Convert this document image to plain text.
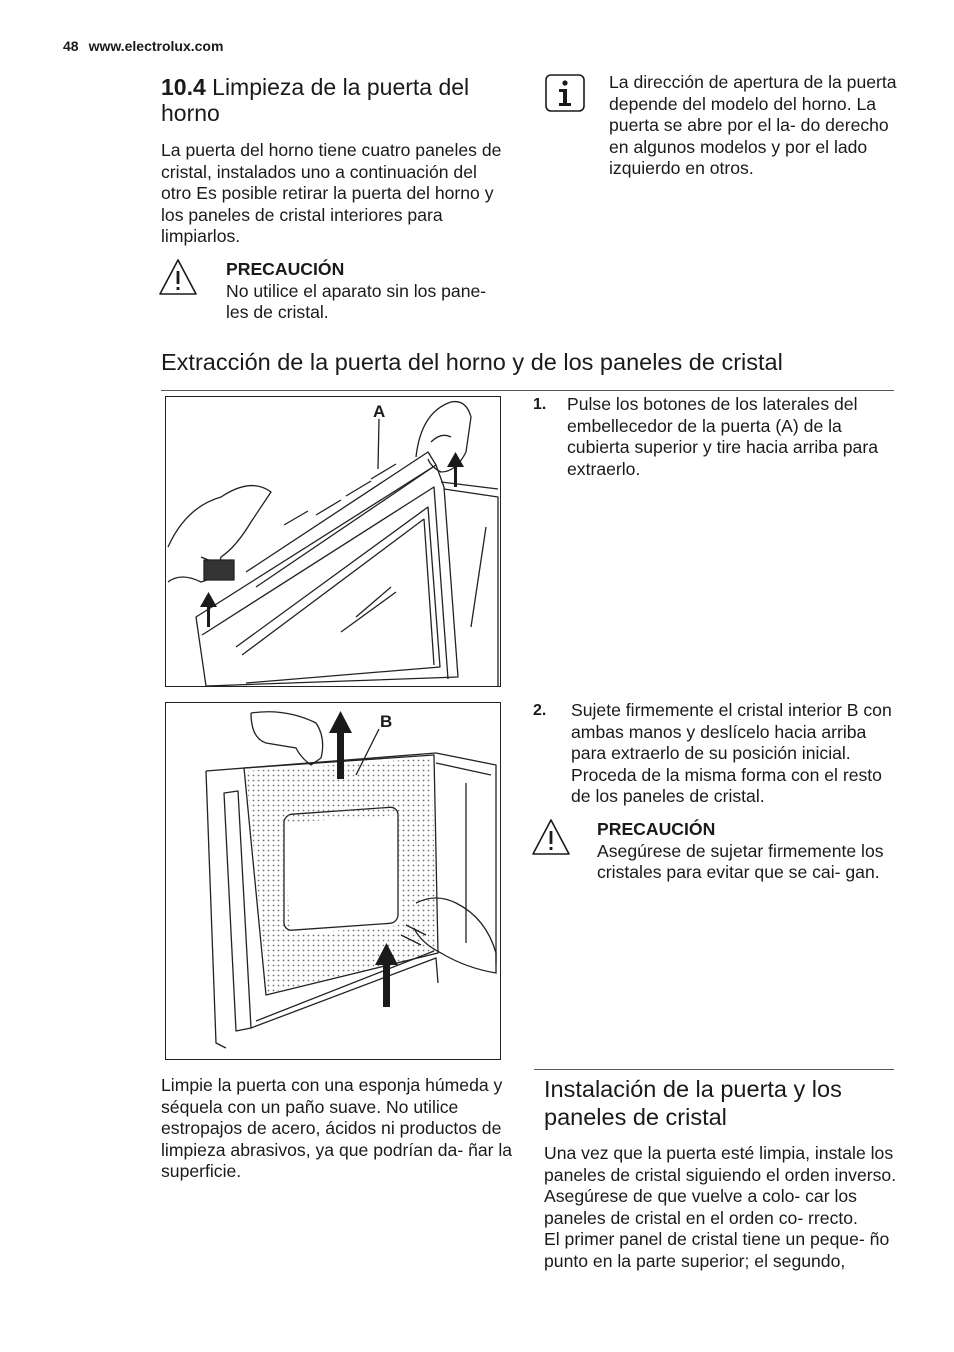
48 www.electrolux.com
10.4 Limpieza de la puerta del horno
La puerta del horno tiene cuatro paneles de cristal, instalados uno a continuación del otro Es posible retirar la puerta del horno y los paneles de cristal interiores para limpiarlos.
PRECAUCIÓN
No utilice el aparato sin los pane- les de cristal.
La dirección de apertura de la puerta depende del modelo del horno. La puerta se abre por el la- do derecho en algunos modelos y por el lado izquierdo en otros.
Extracción de la puerta del horno y de los paneles de cristal
A	1.	Pulse los botones de los laterales del embellecedor de la puerta (A) de la cubierta superior y tire hacia arriba para extraerlo.
B
2.	Sujete firmemente el cristal interior B con ambas manos y deslícelo hacia arriba para extraerlo de su posición inicial. Proceda de la misma forma con el resto de los paneles de cristal.
PRECAUCIÓN
Asegúrese de sujetar firmemente los cristales para evitar que se cai- gan.
Limpie la puerta con una esponja húmeda y séquela con un paño suave. No utilice estropajos de acero, ácidos ni productos de limpieza abrasivos, ya que podrían da- ñar la superficie.
Instalación de la puerta y los paneles de cristal
Una vez que la puerta esté limpia, instale los paneles de cristal siguiendo el orden inverso. Asegúrese de que vuelve a colo- car los paneles de cristal en el orden co- rrecto.
El primer panel de cristal tiene un peque- ño punto en la parte superior; el segundo,
